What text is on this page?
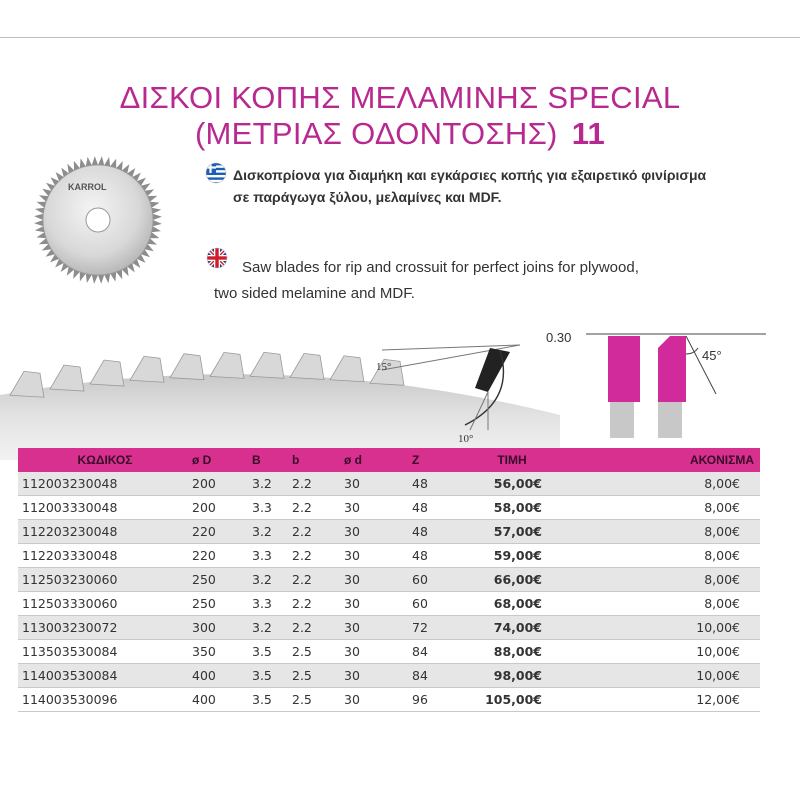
ΔΙΣΚΟΙ ΚΟΠΗΣ ΜΕΛΑΜΙΝΗΣ SPECIAL
(ΜΕΤΡΙΑΣ ΟΔΟΝΤΟΣΗΣ) 11
KARROL
Δισκοπρίονα για διαμήκη και εγκάρσιες κοπής για εξαιρετικό φινίρισμα σε παράγωγα ξύλου, μελαμίνες και MDF.
Saw blades for rip and crossuit for perfect joins for plywood,
two sided melamine and MDF.
15°
10°
0.30
45°
ΚΩΔΙΚΟΣ	ø D	B	b	ø d	Z	ΤΙΜΗ	ΑΚΟΝΙΣΜΑ
112003230048	200	3.2	2.2	30	48	56,00€	8,00€
112003330048	200	3.3	2.2	30	48	58,00€	8,00€
112203230048	220	3.2	2.2	30	48	57,00€	8,00€
112203330048	220	3.3	2.2	30	48	59,00€	8,00€
112503230060	250	3.2	2.2	30	60	66,00€	8,00€
112503330060	250	3.3	2.2	30	60	68,00€	8,00€
113003230072	300	3.2	2.2	30	72	74,00€	10,00€
113503530084	350	3.5	2.5	30	84	88,00€	10,00€
114003530084	400	3.5	2.5	30	84	98,00€	10,00€
114003530096	400	3.5	2.5	30	96	105,00€	12,00€
